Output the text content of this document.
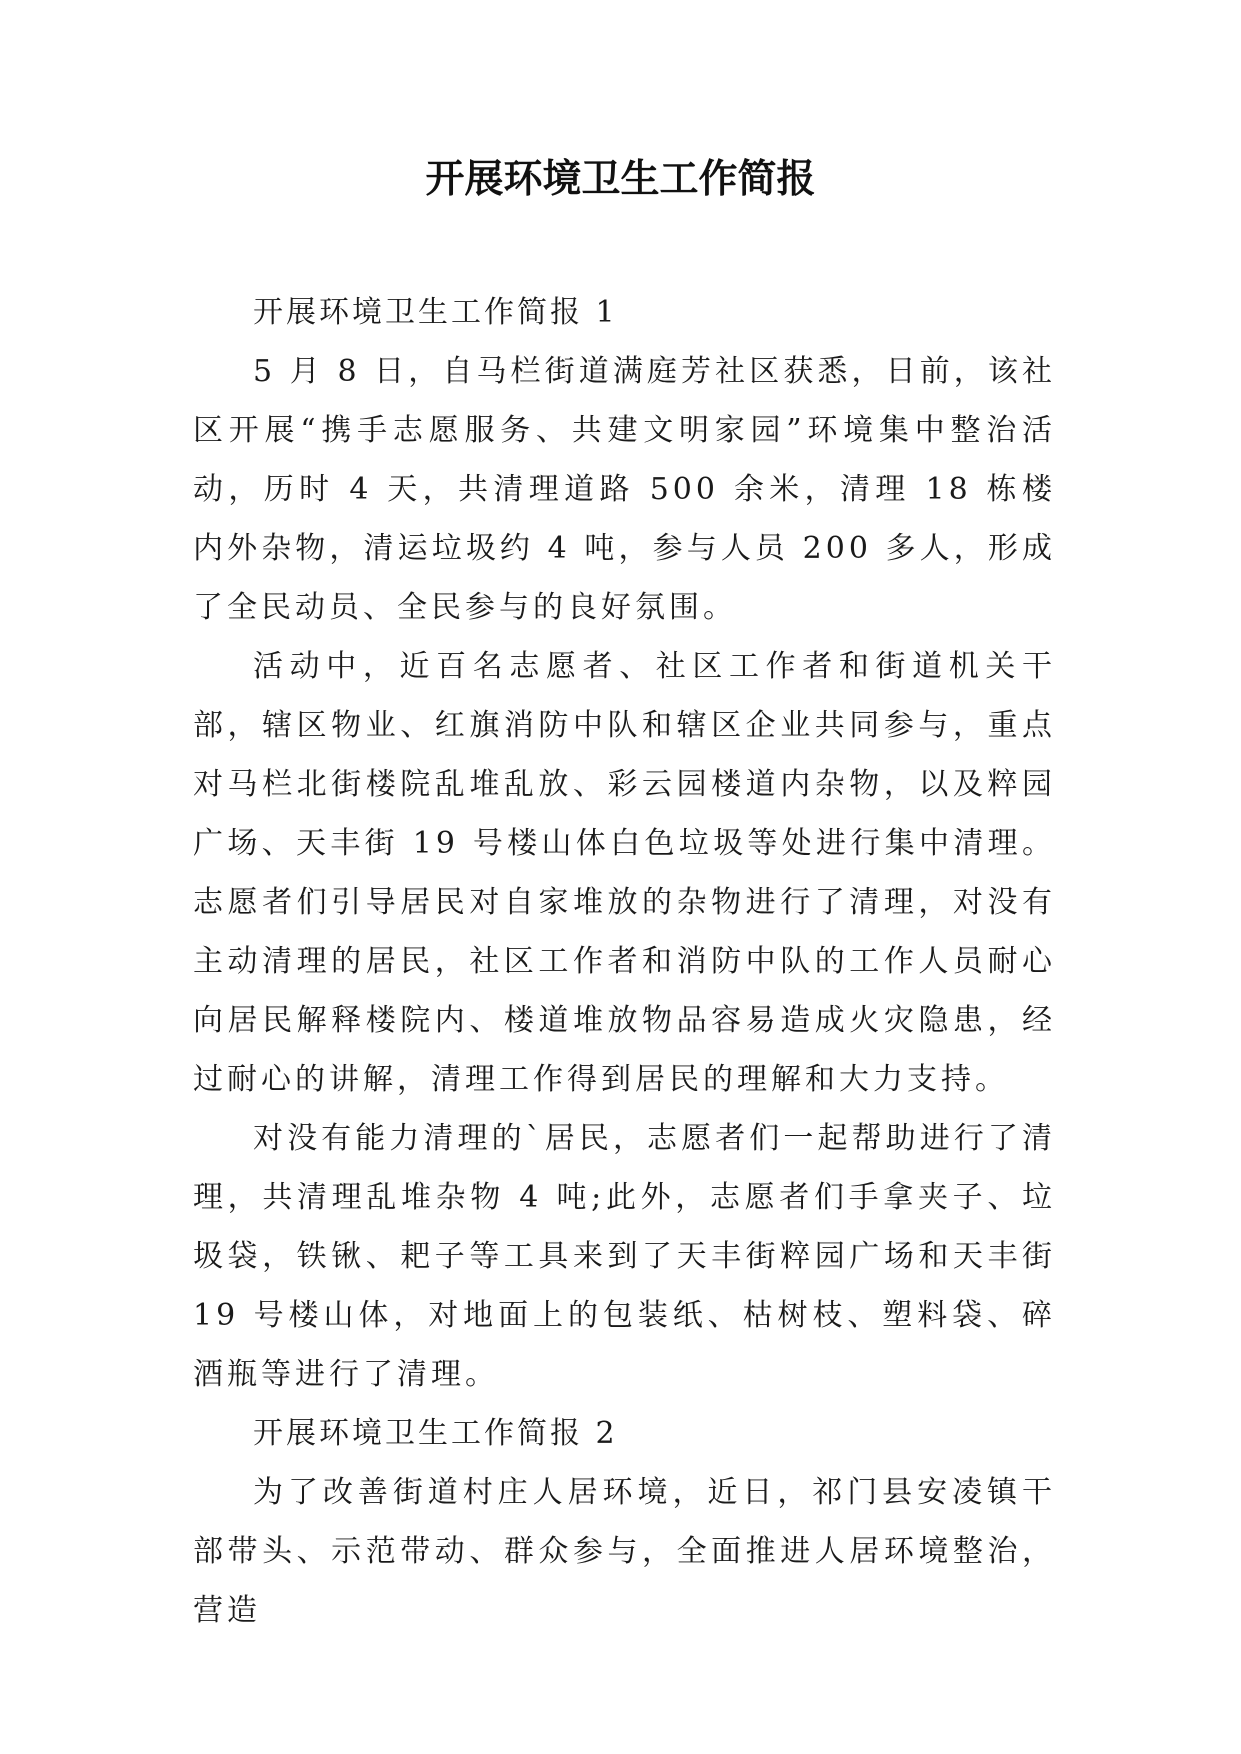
开展环境卫生工作简报

开展环境卫生工作简报 1

5 月 8 日，自马栏街道满庭芳社区获悉，日前，该社区开展“携手志愿服务、共建文明家园”环境集中整治活动，历时 4 天，共清理道路 500 余米，清理 18 栋楼内外杂物，清运垃圾约 4 吨，参与人员 200 多人，形成了全民动员、全民参与的良好氛围。

活动中，近百名志愿者、社区工作者和街道机关干部，辖区物业、红旗消防中队和辖区企业共同参与，重点对马栏北街楼院乱堆乱放、彩云园楼道内杂物，以及粹园广场、天丰街 19 号楼山体白色垃圾等处进行集中清理。志愿者们引导居民对自家堆放的杂物进行了清理，对没有主动清理的居民，社区工作者和消防中队的工作人员耐心向居民解释楼院内、楼道堆放物品容易造成火灾隐患，经过耐心的讲解，清理工作得到居民的理解和大力支持。

对没有能力清理的`居民，志愿者们一起帮助进行了清理，共清理乱堆杂物 4 吨;此外，志愿者们手拿夹子、垃圾袋，铁锹、耙子等工具来到了天丰街粹园广场和天丰街 19 号楼山体，对地面上的包装纸、枯树枝、塑料袋、碎酒瓶等进行了清理。

开展环境卫生工作简报 2

为了改善街道村庄人居环境，近日，祁门县安凌镇干部带头、示范带动、群众参与，全面推进人居环境整治，营造
